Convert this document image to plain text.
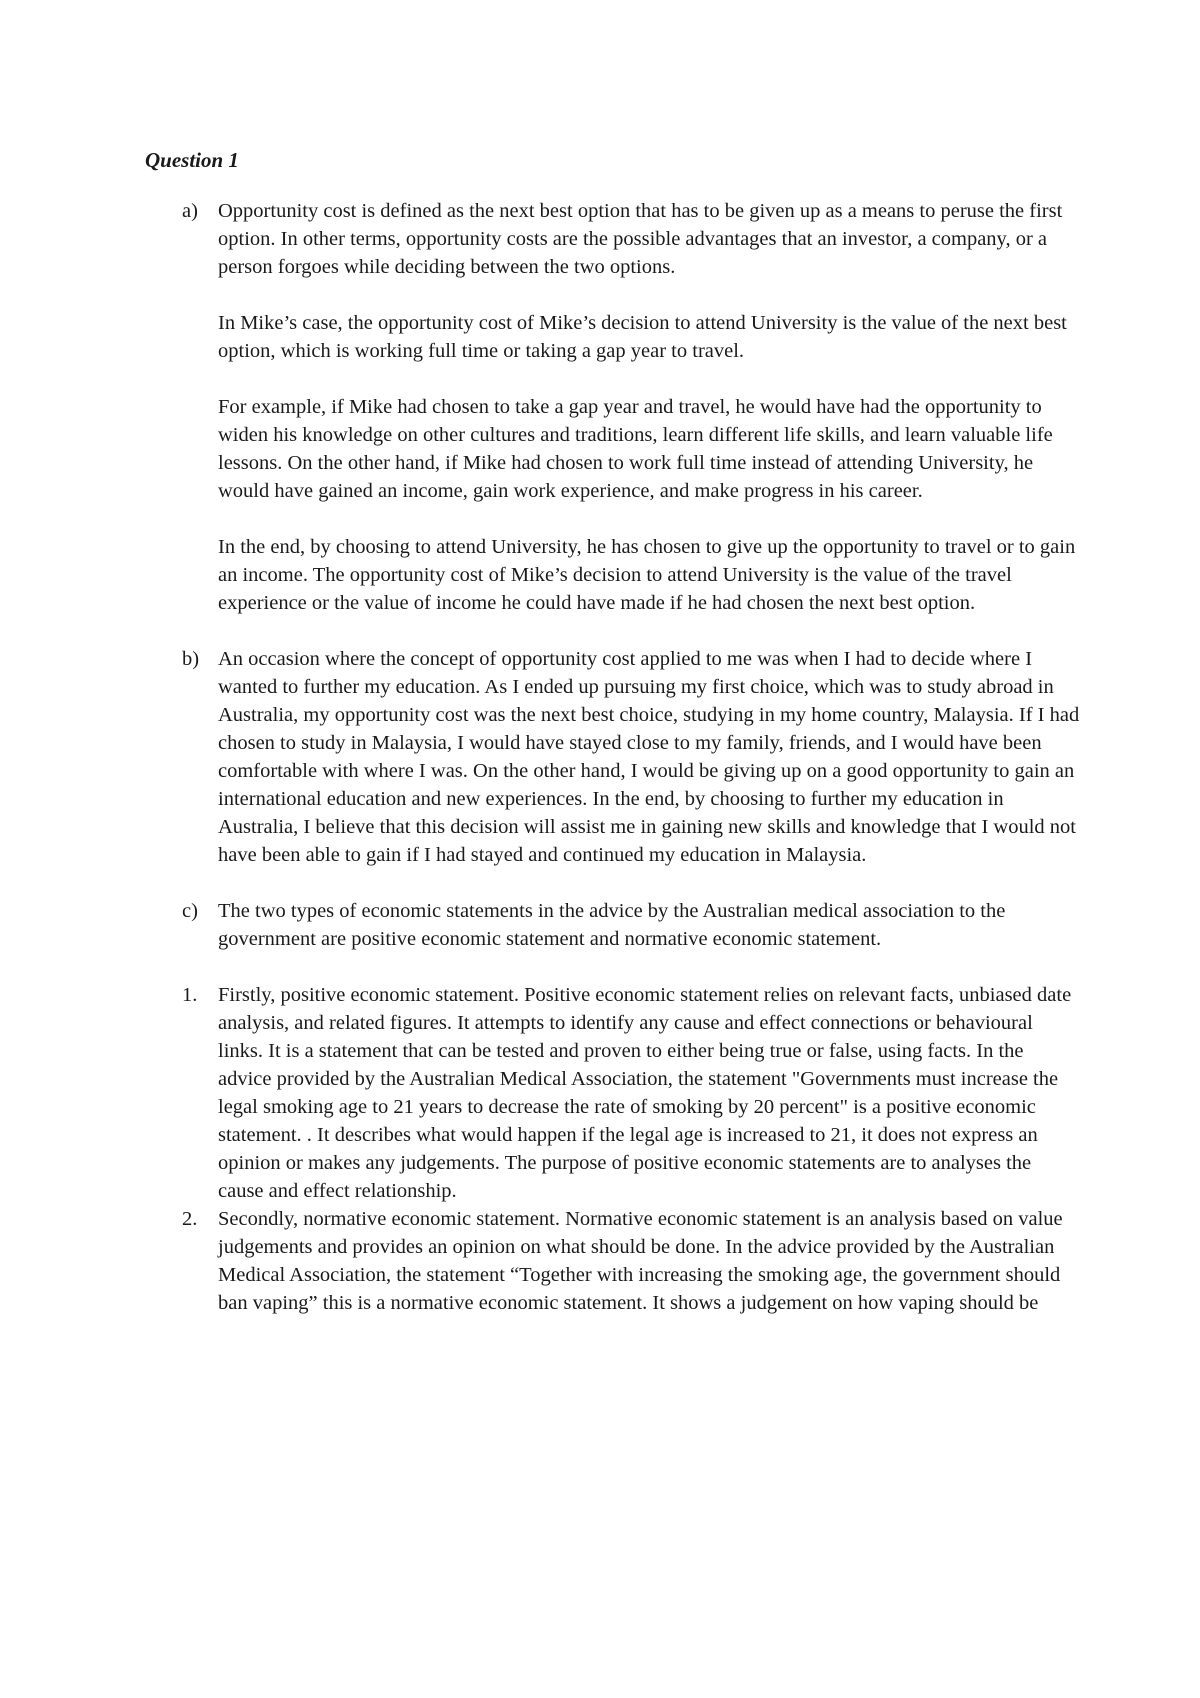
Question 1
a) Opportunity cost is defined as the next best option that has to be given up as a means to peruse the first option. In other terms, opportunity costs are the possible advantages that an investor, a company, or a person forgoes while deciding between the two options.

In Mike’s case, the opportunity cost of Mike’s decision to attend University is the value of the next best option, which is working full time or taking a gap year to travel.

For example, if Mike had chosen to take a gap year and travel, he would have had the opportunity to widen his knowledge on other cultures and traditions, learn different life skills, and learn valuable life lessons. On the other hand, if Mike had chosen to work full time instead of attending University, he would have gained an income, gain work experience, and make progress in his career.

In the end, by choosing to attend University, he has chosen to give up the opportunity to travel or to gain an income. The opportunity cost of Mike’s decision to attend University is the value of the travel experience or the value of income he could have made if he had chosen the next best option.

b) An occasion where the concept of opportunity cost applied to me was when I had to decide where I wanted to further my education. As I ended up pursuing my first choice, which was to study abroad in Australia, my opportunity cost was the next best choice, studying in my home country, Malaysia. If I had chosen to study in Malaysia, I would have stayed close to my family, friends, and I would have been comfortable with where I was. On the other hand, I would be giving up on a good opportunity to gain an international education and new experiences. In the end, by choosing to further my education in Australia, I believe that this decision will assist me in gaining new skills and knowledge that I would not have been able to gain if I had stayed and continued my education in Malaysia.

c) The two types of economic statements in the advice by the Australian medical association to the government are positive economic statement and normative economic statement.

1. Firstly, positive economic statement. Positive economic statement relies on relevant facts, unbiased date analysis, and related figures. It attempts to identify any cause and effect connections or behavioural links. It is a statement that can be tested and proven to either being true or false, using facts. In the advice provided by the Australian Medical Association, the statement "Governments must increase the legal smoking age to 21 years to decrease the rate of smoking by 20 percent" is a positive economic statement. . It describes what would happen if the legal age is increased to 21, it does not express an opinion or makes any judgements. The purpose of positive economic statements are to analyses the cause and effect relationship.

2. Secondly, normative economic statement. Normative economic statement is an analysis based on value judgements and provides an opinion on what should be done. In the advice provided by the Australian Medical Association, the statement “Together with increasing the smoking age, the government should ban vaping” this is a normative economic statement. It shows a judgement on how vaping should be
